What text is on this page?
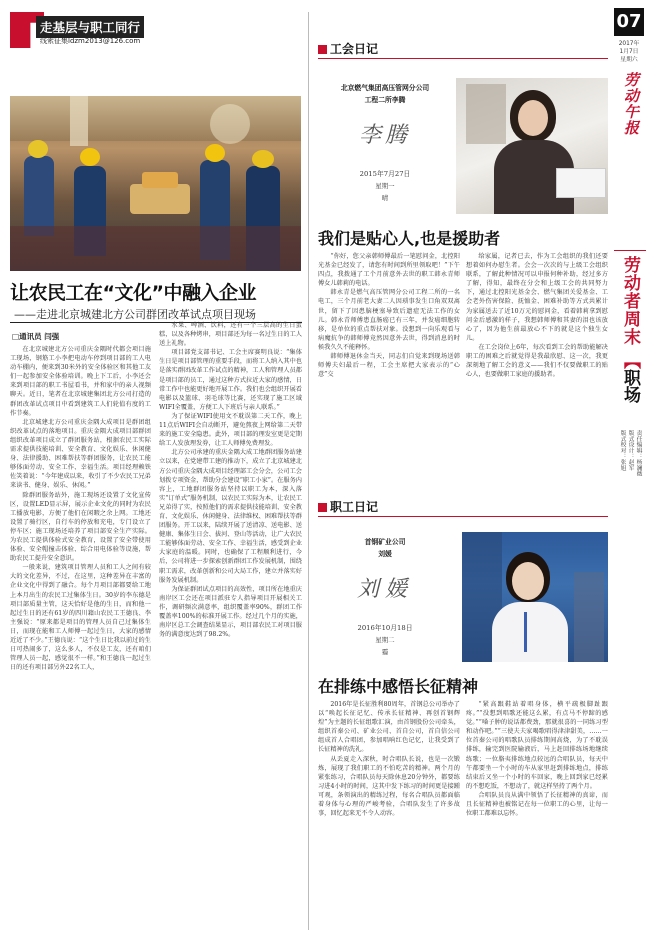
走基层与职工同行
线索征集ldzm2013@126.com
07
2017年
1月7日
星期六
劳动午报
劳动者周末
【职场
责任编辑：杨澜薇
版式设计：赵军
版式校对：张旭
让农民工在“文化”中融入企业
——走进北京城建北方公司群团改革试点项目现场
□通讯员 闫强

在北京城建北方公司重庆金隅时代都会项目施工现场，钢筋工小李把电动车停到项目部的工人电动车棚内，便来到30米外的安全体验区和其他工友们一起参加安全体验培训。晚上下工后，小李还会来到项目部的职工书屋看书，并和家中的亲人视频聊天。近日，笔者在北京城建集团北方公司打造的群团改革试点项目中看到建筑工人们轮值有度的工作节奏。

北京城建北方公司重庆金隅大成项目是群团组织改革试点的落地项目。重庆金隅大成项目部群团组织改革项目成立了群团服务站，根据农民工实际需求提供技能培训、安全教育、文化娱乐、休闲健身、法律援助、困难帮扶等群团服务，让农民工能够体面劳动、安全工作、幸福生活。项目经理赖铁佐笑着说：“今年建成以来，收引了不少农民工兄弟来读书、健身、娱乐、休闲。”

除群团服务站外，施工现场还设置了文化宣传区，设置LED显示屏，展示企业文化的同时为农民工播放电影，方便了他们在闲暇之余上网。工地还设置了骑行区，自行车的停放和充电，专门设立了停车区；施工现场还培养了项目部安全生产实际。为农民工提供体验式安全教育，设置了安全带使用体验、安全帽撞击体验、综合用电体验等设施，帮助农民工提升安全意识。

一般来说，建筑项目管理人员和工人之间有较大的文化差异，不过，在这里，这种差异在丰富的企业文化中得到了融合。每个月项目部都要给工地上本月出生的农民工过集体生日。30岁的李东德是项目部质量主管，这天恰好是他的生日，而和他一起过生日的还有61岁的四川籍山农民工王德良、李主强说：“原来都是项目的管理人员自己过集体生日，而现在能和工人师傅一起过生日，大家的感情近近了不少。”王德良说：“这个生日比我以前过的生日可热闹多了，这么多人，不仅是工友，还有咱们管理人员一起，感觉很不一样。”和王德良一起过生日的还有项目部另外22名工人，

水果、啤酒、饮料，还有一个三层高的生日蛋糕，以及各种烤串，项目部还为每一名过生日的工人送上礼物。

项目部党支部书记、工会主席赛明良说：“集体生日是项目部管理的重要手段，而将工人纳入其中也是落实群团改革工作试点的精神，工人和管理人员都是项目部的员工，通过这种方式拉近大家的感情，日常工作中也能更好地开展工作。我们也会组织开展看电影以及篮球、羽毛球等比赛，还实现了施工区域WIFI全覆盖，方便工人下班后与亲人联系。”

为了保证WIFI使用文不耽误第二天工作，晚上11点后WIFI会自动断开，避免熬夜上网给第二天带来的施工安全隐患。此外，项目部的理发室更是定期给工人发放理发券，让工人师傅免费理发。

北方公司承建的重庆金隅大成工地群团服务站建立以来，在党建带工建的推动下，成立了北京城建北方公司重庆金隅大成项目经理部工会分会，公司工会划拨专项资金，帮助分会建设“职工小家”。在服务内容上，工地群团服务站坚持以职工为本，深入落实“订单式”服务机制，以农民工实际为本，让农民工兄弟得了实，按照他们的需求提供技能培训、安全教育、文化娱乐、休闲健身、法律维权、困难帮扶等群团服务。开工以来，陆续开展了送清凉、送电影、送健康、集体生日会、拔河、登山等活动，让广大农民工能够体面劳动、安全工作、幸福生活，感受到企业大家庭的温暖。同时，也确保了工程顺利进行，今后，公司将进一步探索创新群团工作发展机制，围绕职工需求，改革创新和公司大局工作，建立并落实好服务发展机制。

为保证群团试点项目的高效性，项目所在地重庆南岸区工会还在项目派驻专人指导项目开展相关工作，调研频次满意率，组织覆盖率90%，群团工作覆盖率100%的标准开展工作。经过几个月的实施，南岸区总工会调查结果显示，项目部农民工对项目服务的满意度达到了98.2%。

工会日记
北京燃气集团高压管网分公司
工程二所李腾
李腾
2015年7月27日
星期一
晴
我们是贴心人,也是援助者

“你好，您父亲韩师傅最后一笔慰问金，北控阳光基金已经发了，请您有时间到所里领取吧！”下午四点，我拨通了工个月前意外去世的职工韩永青师傅女儿韩莉的电话。

韩永青是燃气高压管网分公司工程二所的一名电工，三个月前老大妻二人因琐事发生口角双双离世，留下了因患脑梗塞导致后遗症无法工作的女儿。韩永青师傅患直肠癌已有三年，并发癌细胞转移，是单位的重点帮扶对象。没想到一向乐观看与病魔抗争的韩师傅竟然因意外去世，得到消息的时候我久久不能释怀。

韩师傅退休金当天，同志们自觉来到现场送韩师傅夫妇最后一程，工会主席把大家表示的“心意”交

给家属，记者已去，作为工会组织的我们还要想着如何办慰生者。会会一次次的与上级工会组织联系，了解此种情况可以申报何种补助，经过多方了解，得知，最终在分会和上级工会的共同努力下，通过北控阳光基金会、燃气集团关爱基金、工会老外伤害保险、抚恤金、困难补助等方式共累计为家属送去了近10万元的慰问金，看着韩莉拿到慰问金后感激的样子，我想韩师傅和其妻的泪也该放心了，因为他生前最放心不下的就是这个独生女儿。

在工会岗位上6年，每次看到工会的帮助能解决职工的困难之后就觉得是我最欣慰、这一次，我更深刻地了解工会的意义——我们不仅要做职工的贴心人，也要做职工家庭的援助者。

职工日记
首钢矿业公司
刘媛
刘媛
2016年10月18日
星期二
霾
在排练中感悟长征精神

2016年是长征胜利80周年，首钢总公司举办了以“唤起长征记忆、传承长征精神、再创首钢辉煌”为主题的长征组歌汇演，由首钢股份公司牵头，组织首秦公司、矿业公司、首自公司，首自信公司组成首人合唱团，参加唱响红色记忆，让我受到了长征精神的洗礼。

从丢夏走入深秋，时合唱队长说，也是一次锻炼，展现了我们职工的不怕吃苦的精神。两个月的紧张练习，合唱队员每天除休息20分钟外，都要练习进4小时的时间，这其中发下练习的时间更是接踵可观，条领演出的精练过程，每名合唱队员都面临着身体与心理的严峻考验，合唱队发生了许多故事，回忆起来无不令人动容。

“紧高跟鞋站着唱身体，横平疏极脚趾跟疼。”“没想到唱歌还能这么累，有点马不停蹄的感觉。”“嗓子肿的说话都费劲，那就很喜的一同练习型和动作吧。”“三使夫夫家喝歌唱得津津甜美，……一位首秦公司的唱歌队员排练期间高烧，为了不耽误排练，输完到医院输液后，马上赶回排练场地继续练歌；一位胳夷排练地点较远的合唱队员，每天中午都要坐一个小时的车从家里赶到排练地点，排练结束后又坐一个小时的车回家，晚上回到家已经累的不想吃饭，不想动了，就这样坚持了两个月。

合唱队员良从满中领悟了长征精神的真谛，而且长征精神也被铭记在每一位职工的心里，让每一位职工都难以忘怀。
